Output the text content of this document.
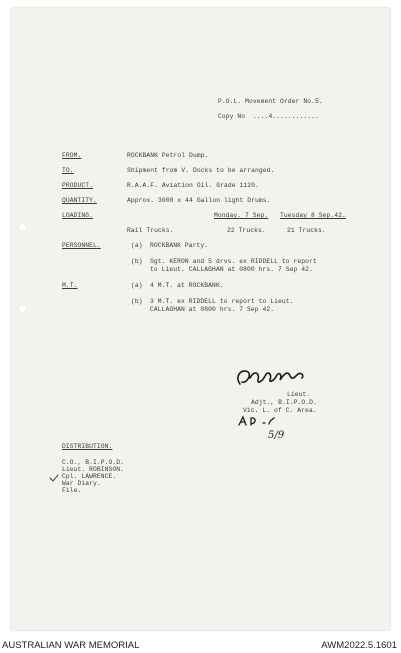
P.O.L. Movement Order No.5.
Copy No ....4............
FROM.	ROCKBANK Petrol Dump.
TO.	Shipment from V. Docks to be arranged.
PRODUCT.	R.A.A.F. Aviation Oil. Grade 1120.
QUANTITY.	Approx. 3000 x 44 Gallon light Drums.
LOADING.	Monday. 7 Sep. Tuesday 8 Sep.42.
Rail Trucks.	22 Trucks.	21 Trucks.
PERSONNEL.	(a) ROCKBANK Party.
(b) Sgt. KERON and 5 drvs. ex RIDDELL to report
to Lieut. CALLAGHAN at 0800 hrs. 7 Sep 42.
M.T.	(a) 4 M.T. at ROCKBANK.
(b) 3 M.T. ex RIDDELL to report to Lieut.
CALLAGHAN at 0800 hrs. 7 Sep 42.
Lieut.
Adjt., B.I.P.O.D.
Vic. L. of C. Area.
5/9
DISTRIBUTION.
C.O., B.I.P.O.D.
Lieut. ROBINSON.
Cpl. LAWRENCE.
War Diary.
File.
AUSTRALIAN WAR MEMORIAL	AWM2022.5.1601
